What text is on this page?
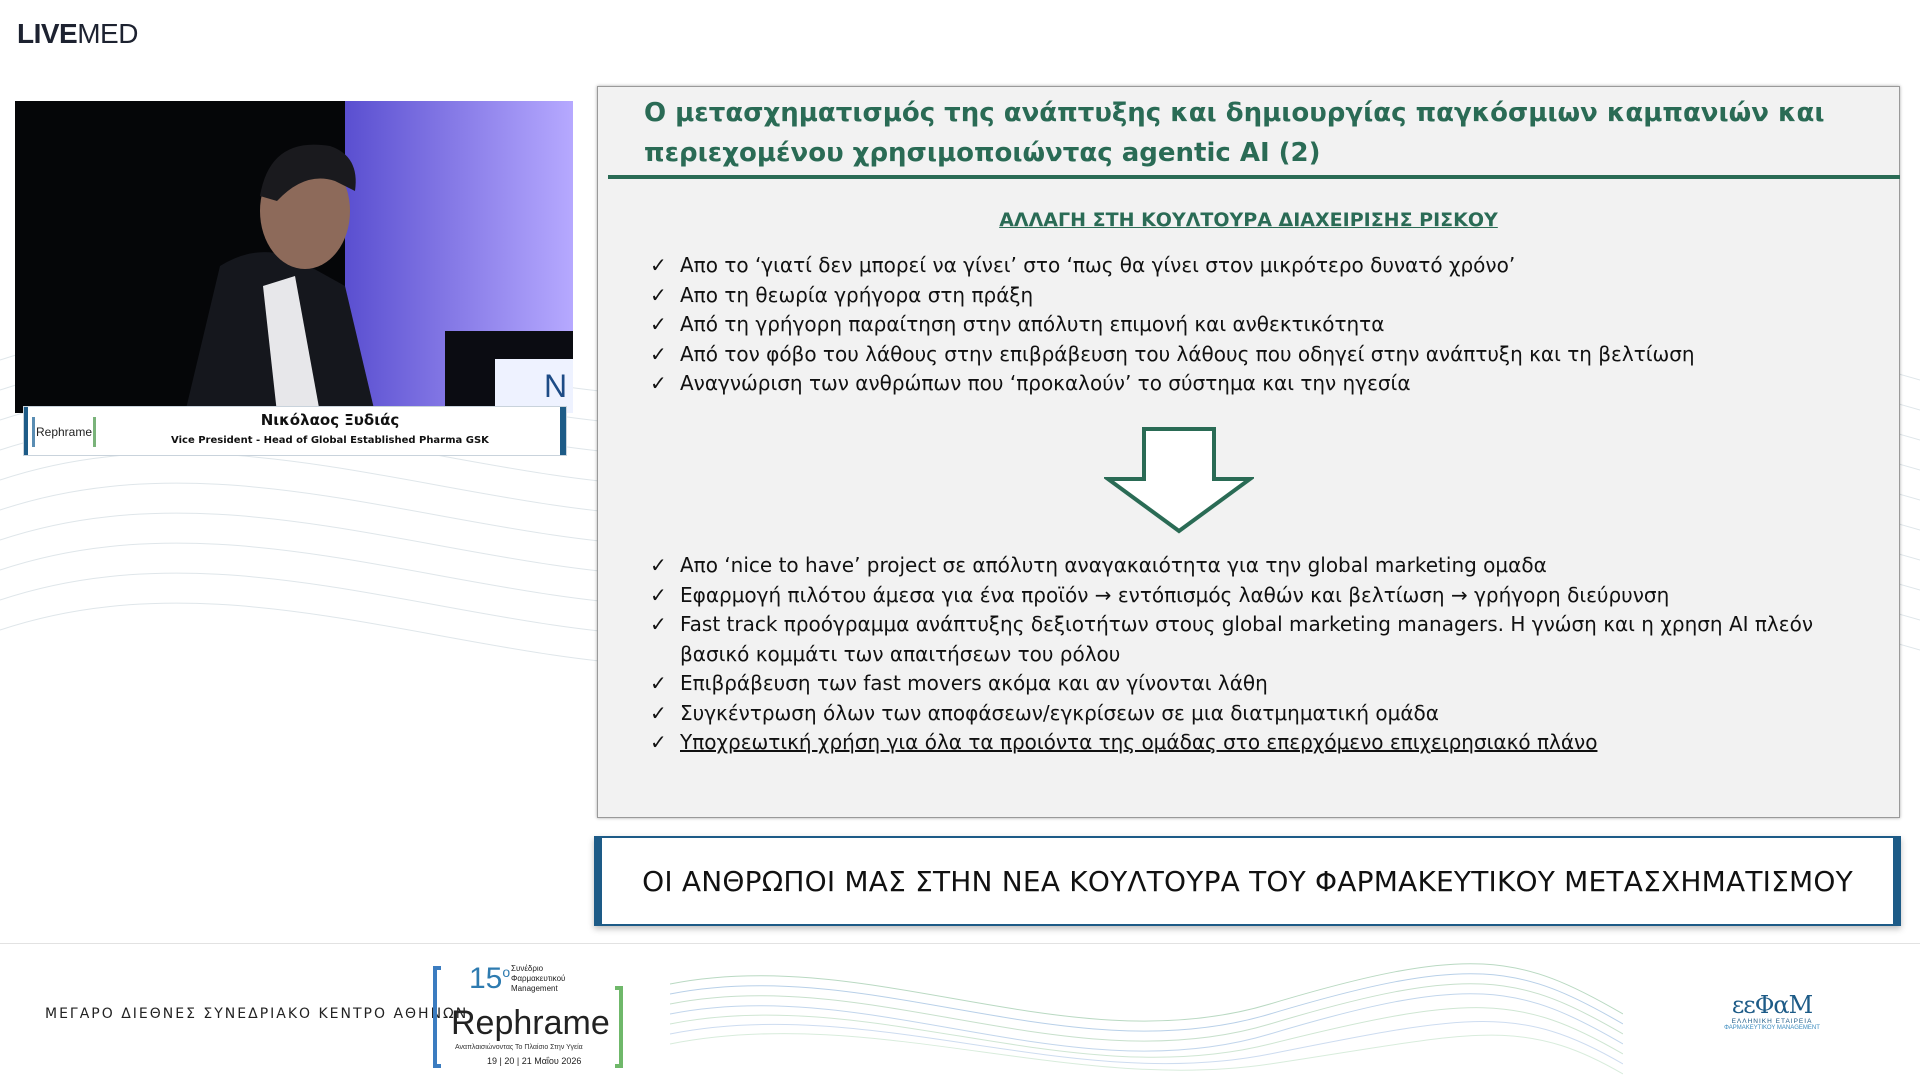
LIVEMED
N
Rephrame
Νικόλαος Ξυδιάς
Vice President - Head of Global Established Pharma GSK
Ο μετασχηματισμός της ανάπτυξης και δημιουργίας παγκόσμιων καμπανιών και περιεχομένου χρησιμοποιώντας agentic AI (2)
ΑΛΛΑΓΗ ΣΤΗ ΚΟΥΛΤΟΥΡΑ ΔΙΑΧΕΙΡΙΣΗΣ ΡΙΣΚΟΥ
✓ Απο το ‘γιατί δεν μπορεί να γίνει’ στο ‘πως θα γίνει στον μικρότερο δυνατό χρόνο’
✓ Απο τη θεωρία γρήγορα στη πράξη
✓ Από τη γρήγορη παραίτηση στην απόλυτη επιμονή και ανθεκτικότητα
✓ Από τον φόβο του λάθους στην επιβράβευση του λάθους που οδηγεί στην ανάπτυξη και τη βελτίωση
✓ Αναγνώριση των ανθρώπων που ‘προκαλούν’ το σύστημα και την ηγεσία
✓ Απο ‘nice to have’ project σε απόλυτη αναγακαιότητα για την global marketing ομαδα
✓ Εφαρμογή πιλότου άμεσα για ένα προϊόν → εντόπισμός λαθών και βελτίωση → γρήγορη διεύρυνση
✓ Fast track προόγραμμα ανάπτυξης δεξιοτήτων στους global marketing managers. Η γνώση και η χρηση AI πλεόν βασικό κομμάτι των απαιτήσεων του ρόλου
✓ Επιβράβευση των fast movers ακόμα και αν γίνονται λάθη
✓ Συγκέντρωση όλων των αποφάσεων/εγκρίσεων σε μια διατμηματική ομάδα
✓ Υποχρεωτική χρήση για όλα τα προιόντα της ομάδας στο επερχόμενο επιχειρησιακό πλάνο
ΟΙ ΑΝΘΡΩΠΟΙ ΜΑΣ ΣΤΗΝ ΝΕΑ ΚΟΥΛΤΟΥΡΑ ΤΟΥ ΦΑΡΜΑΚΕΥΤΙΚΟΥ ΜΕΤΑΣΧΗΜΑΤΙΣΜΟΥ
ΜΕΓΑΡΟ ΔΙΕΘΝΕΣ ΣΥΝΕΔΡΙΑΚΟ ΚΕΝΤΡΟ ΑΘΗΝΩΝ
$15^o$ Συνέδριο
Φαρμακευτικού
Management
Rephrame
Αναπλαισιώνοντας Το Πλαίσιο Στην Υγεία
19 | 20 | 21 Μαΐου 2026
εεΦαΜ
ΕΛΛΗΝΙΚΗ ΕΤΑΙΡΕΙΑ
ΦΑΡΜΑΚΕΥΤΙΚΟΥ MANAGEMENT
